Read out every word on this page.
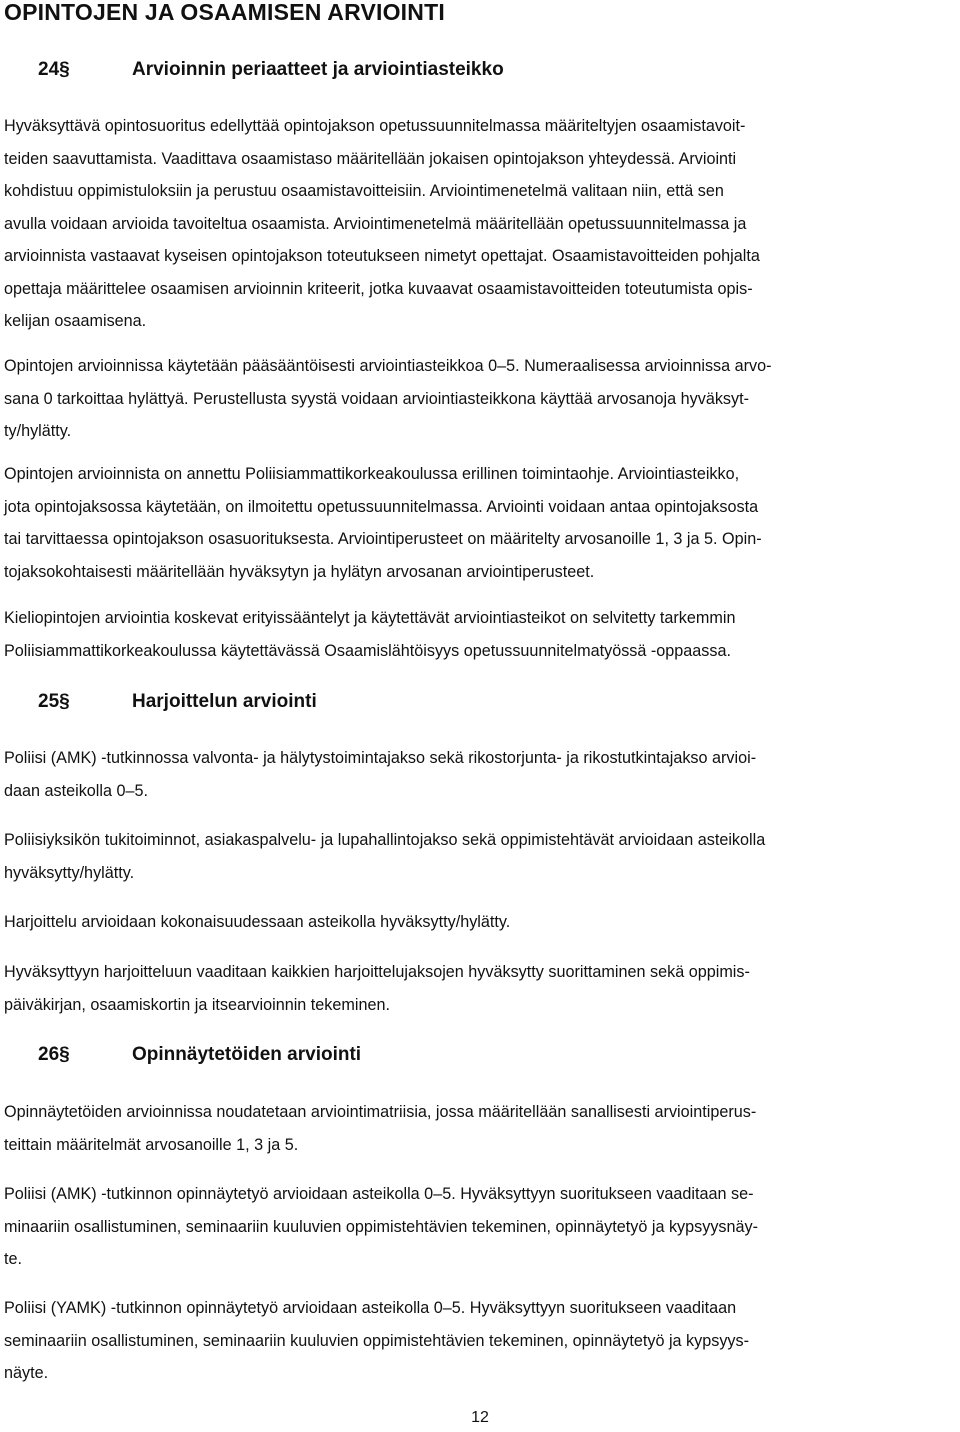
OPINTOJEN JA OSAAMISEN ARVIOINTI
24§	Arvioinnin periaatteet ja arviointiasteikko

Hyväksyttävä opintosuoritus edellyttää opintojakson opetussuunnitelmassa määriteltyjen osaamistavoit-
teiden saavuttamista. Vaadittava osaamistaso määritellään jokaisen opintojakson yhteydessä. Arviointi
kohdistuu oppimistuloksiin ja perustuu osaamistavoitteisiin. Arviointimenetelmä valitaan niin, että sen
avulla voidaan arvioida tavoiteltua osaamista. Arviointimenetelmä määritellään opetussuunnitelmassa ja
arvioinnista vastaavat kyseisen opintojakson toteutukseen nimetyt opettajat. Osaamistavoitteiden pohjalta
opettaja määrittelee osaamisen arvioinnin kriteerit, jotka kuvaavat osaamistavoitteiden toteutumista opis-
kelijan osaamisena.

Opintojen arvioinnissa käytetään pääsääntöisesti arviointiasteikkoa 0–5. Numeraalisessa arvioinnissa arvo-
sana 0 tarkoittaa hylättyä. Perustellusta syystä voidaan arviointiasteikkona käyttää arvosanoja hyväksyt-
ty/hylätty.

Opintojen arvioinnista on annettu Poliisiammattikorkeakoulussa erillinen toimintaohje. Arviointiasteikko,
jota opintojaksossa käytetään, on ilmoitettu opetussuunnitelmassa. Arviointi voidaan antaa opintojaksosta
tai tarvittaessa opintojakson osasuorituksesta. Arviointiperusteet on määritelty arvosanoille 1, 3 ja 5. Opin-
tojaksokohtaisesti määritellään hyväksytyn ja hylätyn arvosanan arviointiperusteet.

Kieliopintojen arviointia koskevat erityissääntelyt ja käytettävät arviointiasteikot on selvitetty tarkemmin
Poliisiammattikorkeakoulussa käytettävässä Osaamislähtöisyys opetussuunnitelmatyössä -oppaassa.

25§	Harjoittelun arviointi

Poliisi (AMK) -tutkinnossa valvonta- ja hälytystoimintajakso sekä rikostorjunta- ja rikostutkintajakso arvioi-
daan asteikolla 0–5.

Poliisiyksikön tukitoiminnot, asiakaspalvelu- ja lupahallintojakso sekä oppimistehtävät arvioidaan asteikolla
hyväksytty/hylätty.

Harjoittelu arvioidaan kokonaisuudessaan asteikolla hyväksytty/hylätty.

Hyväksyttyyn harjoitteluun vaaditaan kaikkien harjoittelujaksojen hyväksytty suorittaminen sekä oppimis-
päiväkirjan, osaamiskortin ja itsearvioinnin tekeminen.

26§	Opinnäytetöiden arviointi

Opinnäytetöiden arvioinnissa noudatetaan arviointimatriisia, jossa määritellään sanallisesti arviointiperus-
teittain määritelmät arvosanoille 1, 3 ja 5.

Poliisi (AMK) -tutkinnon opinnäytetyö arvioidaan asteikolla 0–5. Hyväksyttyyn suoritukseen vaaditaan se-
minaariin osallistuminen, seminaariin kuuluvien oppimistehtävien tekeminen, opinnäytetyö ja kypsyysnäy-
te.

Poliisi (YAMK) -tutkinnon opinnäytetyö arvioidaan asteikolla 0–5. Hyväksyttyyn suoritukseen vaaditaan
seminaariin osallistuminen, seminaariin kuuluvien oppimistehtävien tekeminen, opinnäytetyö ja kypsyys-
näyte.

12
